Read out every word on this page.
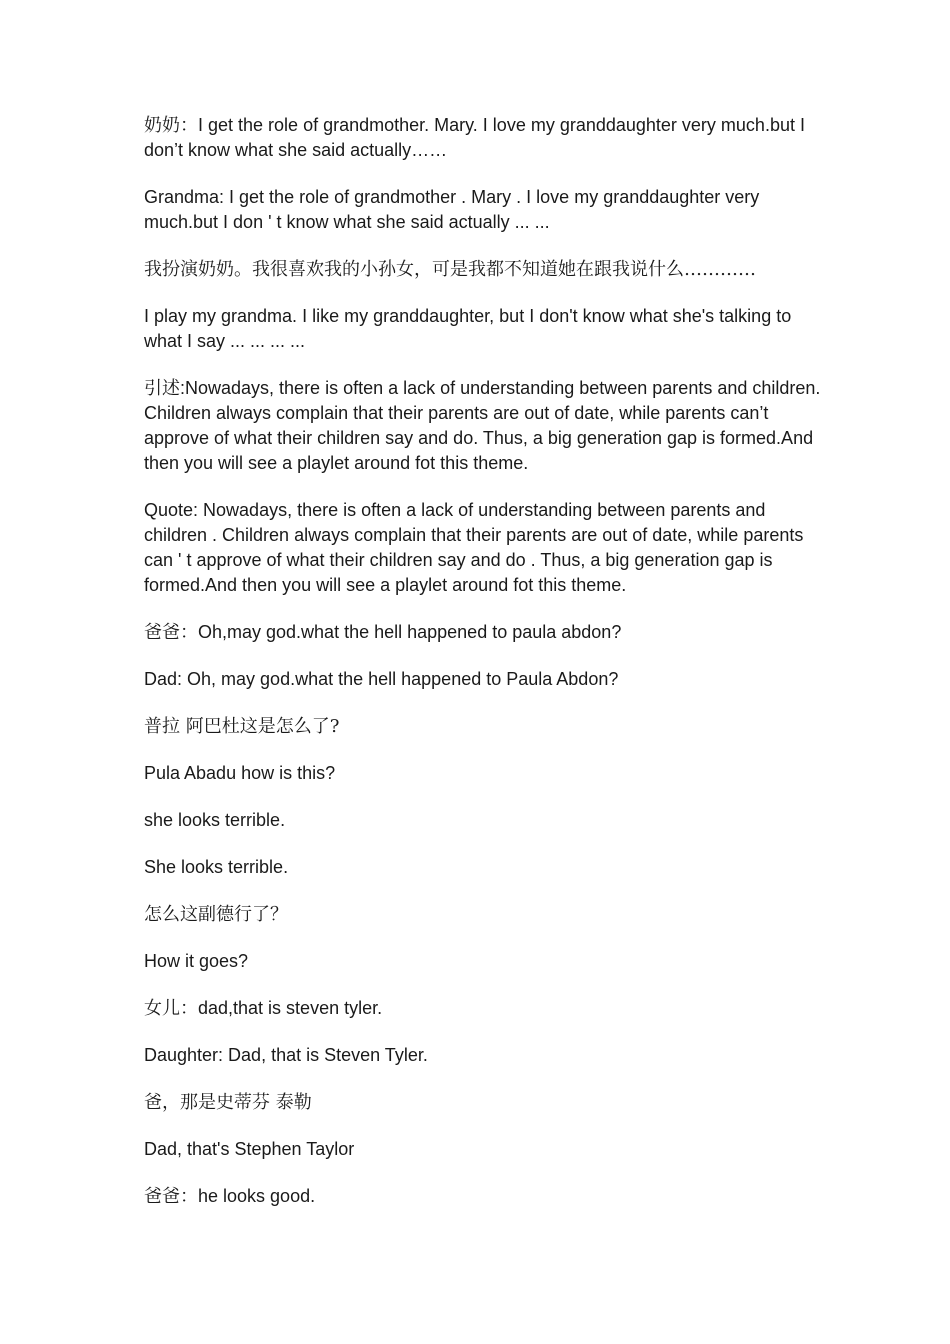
奶奶：I get the role of grandmother. Mary. I love my granddaughter very much.but I don’t know what she said actually……

Grandma: I get the role of grandmother . Mary . I love my granddaughter very much.but I don ' t know what she said actually ... ...

我扮演奶奶。我很喜欢我的小孙女，可是我都不知道她在跟我说什么…………

I play my grandma. I like my granddaughter, but I don't know what she's talking to what I say ... ... ... ...

引述:Nowadays, there is often a lack of understanding between parents and children. Children always complain that their parents are out of date, while parents can’t approve of what their children say and do. Thus, a big generation gap is formed.And then you will see a playlet around fot this theme.

Quote: Nowadays, there is often a lack of understanding between parents and children . Children always complain that their parents are out of date, while parents can ' t approve of what their children say and do . Thus, a big generation gap is formed.And then you will see a playlet around fot this theme.

爸爸：Oh,may god.what the hell happened to paula abdon?

Dad: Oh, may god.what the hell happened to Paula Abdon?

普拉 阿巴杜这是怎么了?

Pula Abadu how is this?

she looks terrible.

She looks terrible.

怎么这副德行了？

How it goes?

女儿：dad,that is steven tyler.

Daughter: Dad, that is Steven Tyler.

爸，那是史蒂芬 泰勒

Dad, that's Stephen Taylor

爸爸：he looks good.
